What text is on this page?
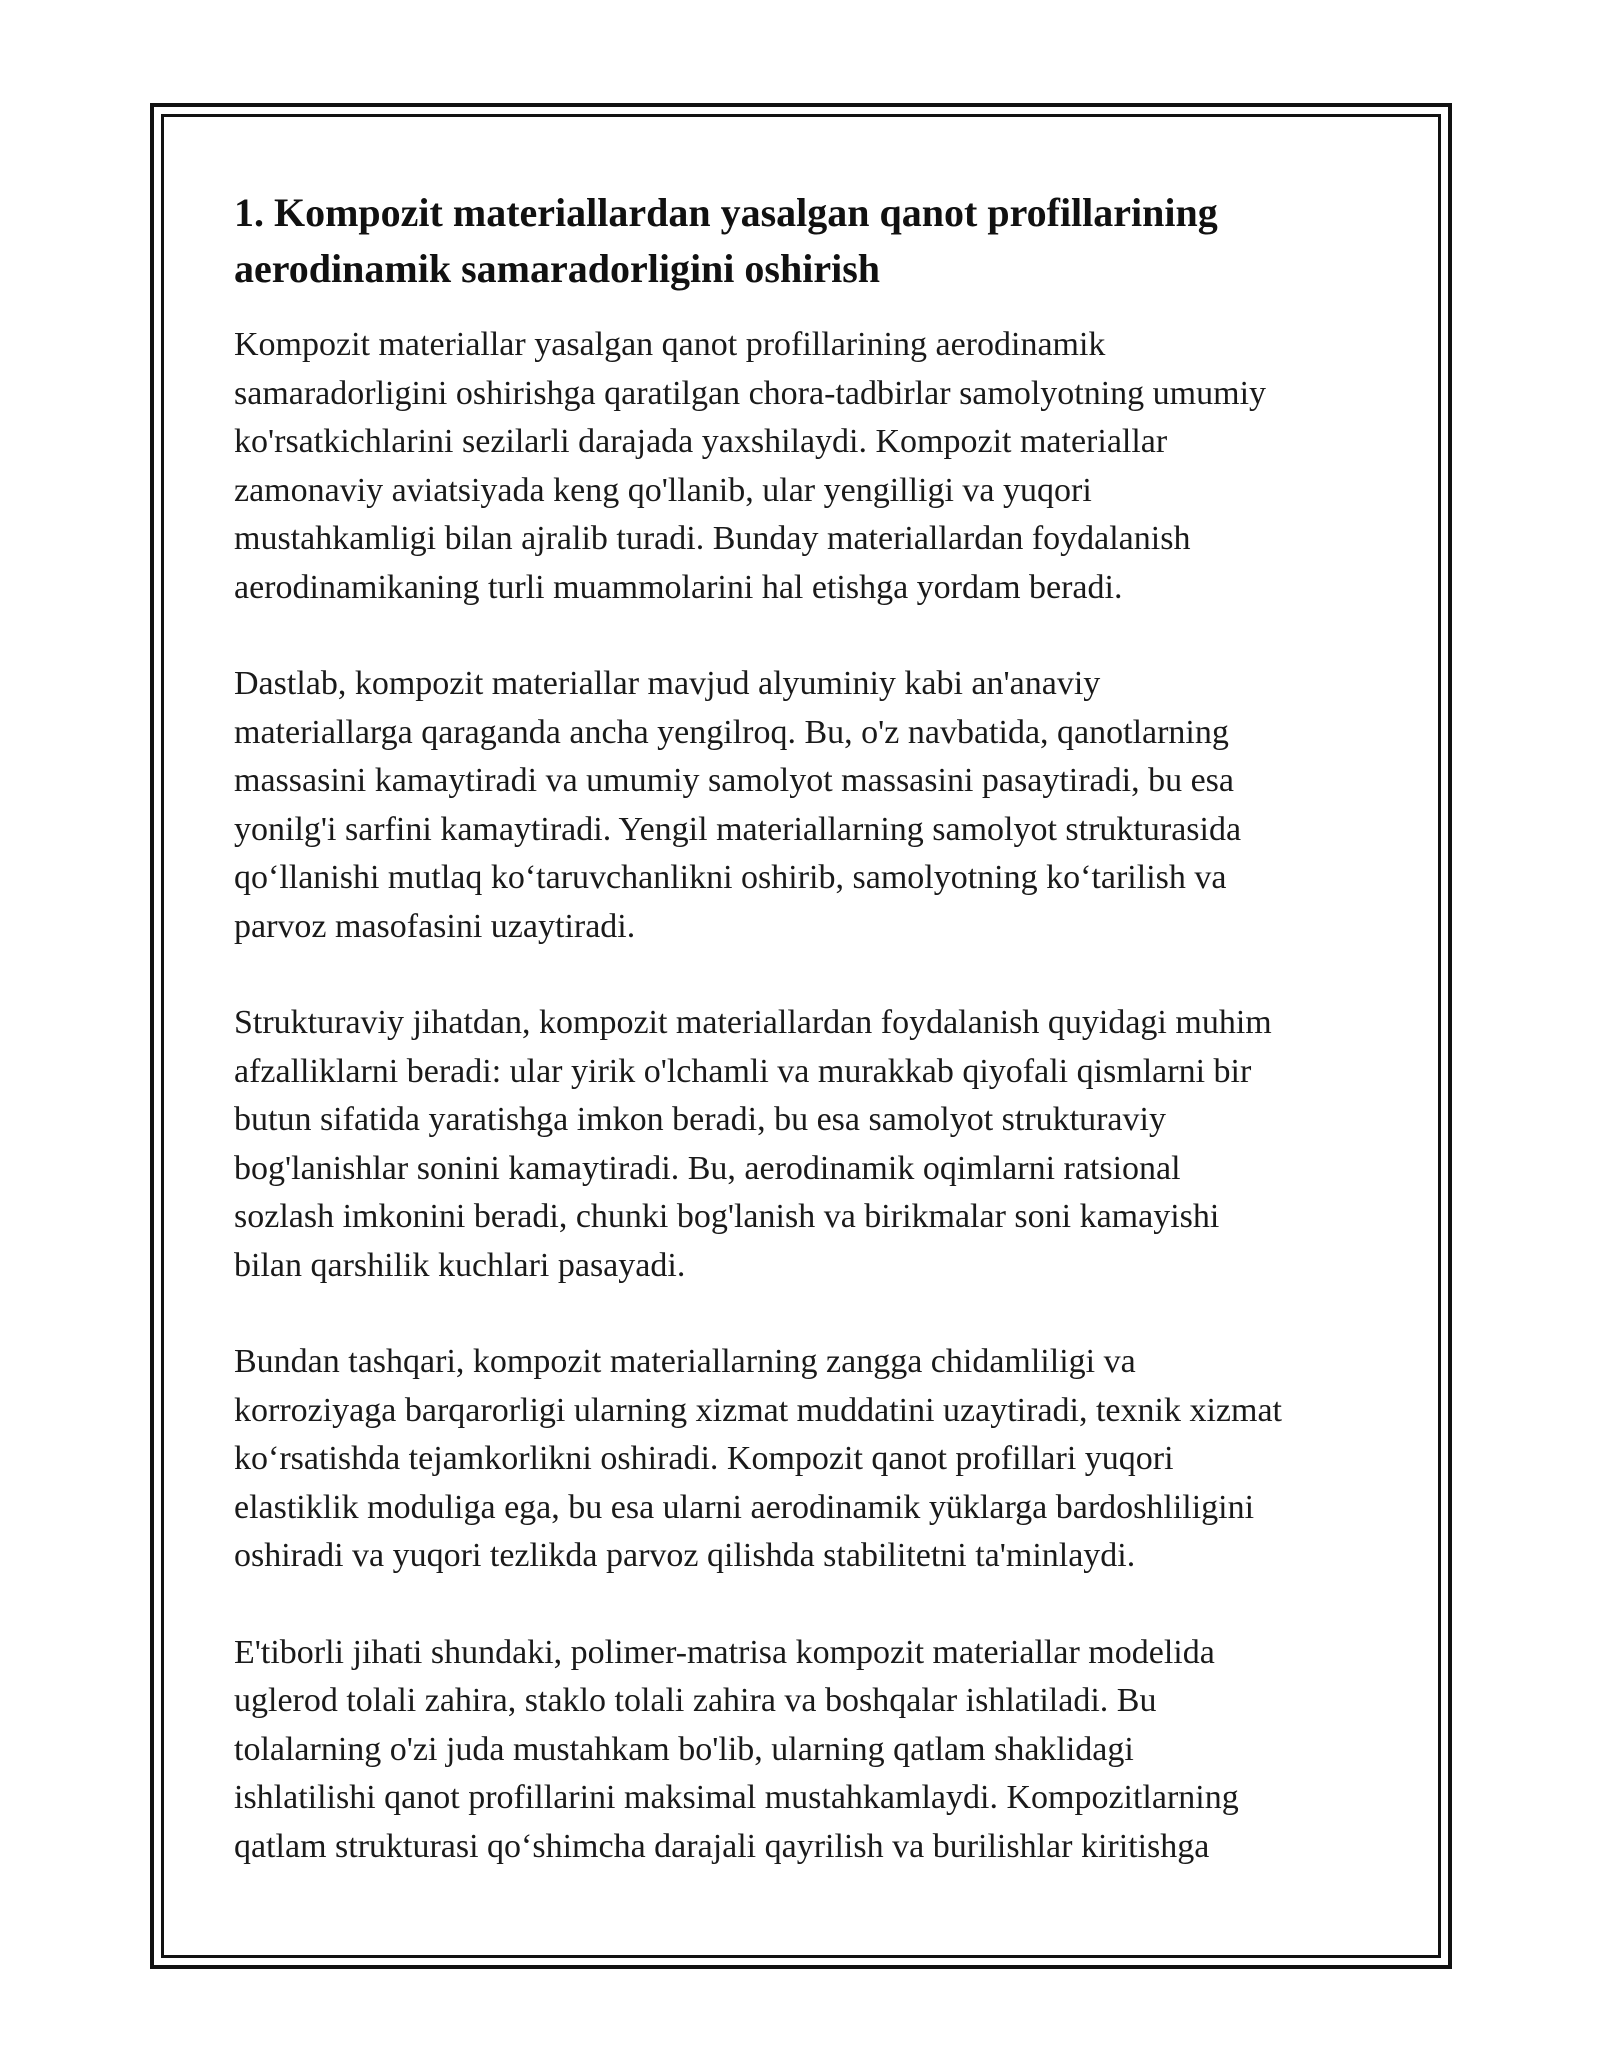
1. Kompozit materiallardan yasalgan qanot profillarining
aerodinamik samaradorligini oshirish

Kompozit materiallar yasalgan qanot profillarining aerodinamik
samaradorligini oshirishga qaratilgan chora-tadbirlar samolyotning umumiy
ko'rsatkichlarini sezilarli darajada yaxshilaydi. Kompozit materiallar
zamonaviy aviatsiyada keng qo'llanib, ular yengilligi va yuqori
mustahkamligi bilan ajralib turadi. Bunday materiallardan foydalanish
aerodinamikaning turli muammolarini hal etishga yordam beradi.

Dastlab, kompozit materiallar mavjud alyuminiy kabi an'anaviy
materiallarga qaraganda ancha yengilroq. Bu, o'z navbatida, qanotlarning
massasini kamaytiradi va umumiy samolyot massasini pasaytiradi, bu esa
yonilg'i sarfini kamaytiradi. Yengil materiallarning samolyot strukturasida
qo‘llanishi mutlaq ko‘taruvchanlikni oshirib, samolyotning ko‘tarilish va
parvoz masofasini uzaytiradi.

Strukturaviy jihatdan, kompozit materiallardan foydalanish quyidagi muhim
afzalliklarni beradi: ular yirik o'lchamli va murakkab qiyofali qismlarni bir
butun sifatida yaratishga imkon beradi, bu esa samolyot strukturaviy
bog'lanishlar sonini kamaytiradi. Bu, aerodinamik oqimlarni ratsional
sozlash imkonini beradi, chunki bog'lanish va birikmalar soni kamayishi
bilan qarshilik kuchlari pasayadi.

Bundan tashqari, kompozit materiallarning zangga chidamliligi va
korroziyaga barqarorligi ularning xizmat muddatini uzaytiradi, texnik xizmat
ko‘rsatishda tejamkorlikni oshiradi. Kompozit qanot profillari yuqori
elastiklik moduliga ega, bu esa ularni aerodinamik yüklarga bardoshliligini
oshiradi va yuqori tezlikda parvoz qilishda stabilitetni ta'minlaydi.

E'tiborli jihati shundaki, polimer-matrisa kompozit materiallar modelida
uglerod tolali zahira, staklo tolali zahira va boshqalar ishlatiladi. Bu
tolalarning o'zi juda mustahkam bo'lib, ularning qatlam shaklidagi
ishlatilishi qanot profillarini maksimal mustahkamlaydi. Kompozitlarning
qatlam strukturasi qo‘shimcha darajali qayrilish va burilishlar kiritishga
